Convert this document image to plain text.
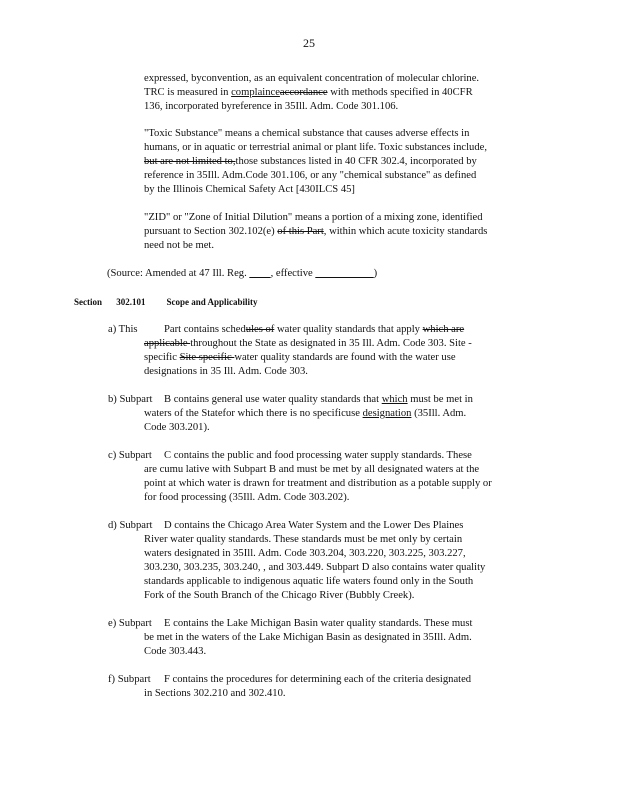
25
expressed, byconvention, as an equivalent concentration of molecular chlorine.
TRC is measured in complainceaccordance with methods specified in 40CFR
136, incorporated byreference in 35Ill. Adm. Code 301.106.
"Toxic Substance" means a chemical substance that causes adverse effects in
humans, or in aquatic or terrestrial animal or plant life. Toxic substances include,
but are not limited to,those substances listed in 40 CFR 302.4, incorporated by
reference in 35Ill. Adm.Code 301.106, or any "chemical substance" as defined
by the Illinois Chemical Safety Act [430ILCS 45]
"ZID" or "Zone of Initial Dilution" means a portion of a mixing zone, identified
pursuant to Section 302.102(e) of this Part, within which acute toxicity standards
need not be met.
(Source: Amended at 47 Ill. Reg. ____, effective ___________)
Section 302.101 Scope and Applicability
a) This	Part contains schedules of water quality standards that apply which are
applicable throughout the State as designated in 35 Ill. Adm. Code 303. Site -
specific Site specific water quality standards are found with the water use
designations in 35 Ill. Adm. Code 303.
b) Subpart	B contains general use water quality standards that which must be met in
waters of the Statefor which there is no specificuse designation (35Ill. Adm.
Code 303.201).
c) Subpart	C contains the public and food processing water supply standards. These
are cumu lative with Subpart B and must be met by all designated waters at the
point at which water is drawn for treatment and distribution as a potable supply or
for food processing (35Ill. Adm. Code 303.202).
d) Subpart	D contains the Chicago Area Water System and the Lower Des Plaines
River water quality standards. These standards must be met only by certain
waters designated in 35Ill. Adm. Code 303.204, 303.220, 303.225, 303.227,
303.230, 303.235, 303.240, , and 303.449. Subpart D also contains water quality
standards applicable to indigenous aquatic life waters found only in the South
Fork of the South Branch of the Chicago River (Bubbly Creek).
e) Subpart	E contains the Lake Michigan Basin water quality standards. These must
be met in the waters of the Lake Michigan Basin as designated in 35Ill. Adm.
Code 303.443.
f) Subpart	F contains the procedures for determining each of the criteria designated
in Sections 302.210 and 302.410.
